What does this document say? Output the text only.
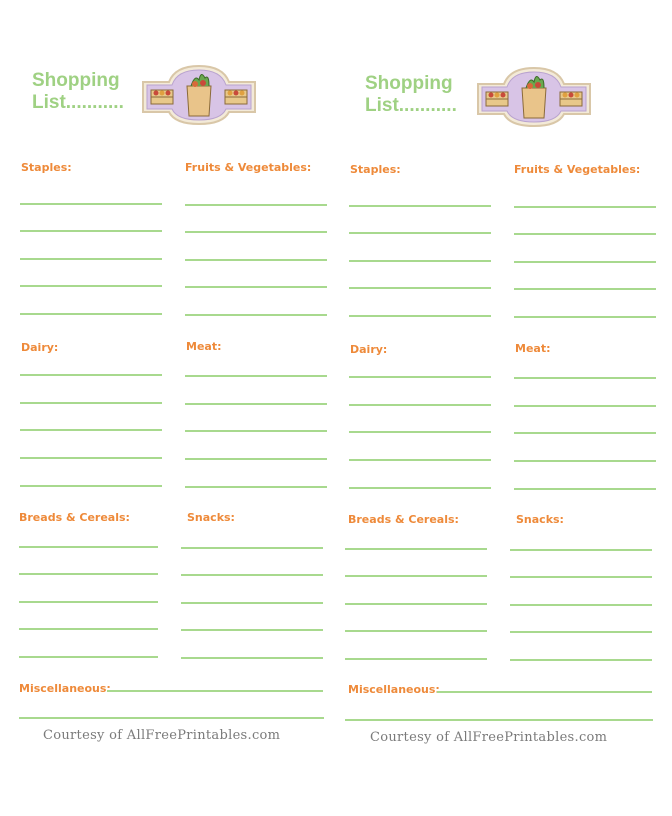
Shopping
List...........
Staples:	Fruits & Vegetables:
Dairy:	Meat:
Breads & Cereals:	Snacks:
Miscellaneous:
Courtesy of AllFreePrintables.com
Shopping
List...........
Staples:	Fruits & Vegetables:
Dairy:	Meat:
Breads & Cereals:	Snacks:
Miscellaneous:
Courtesy of AllFreePrintables.com
